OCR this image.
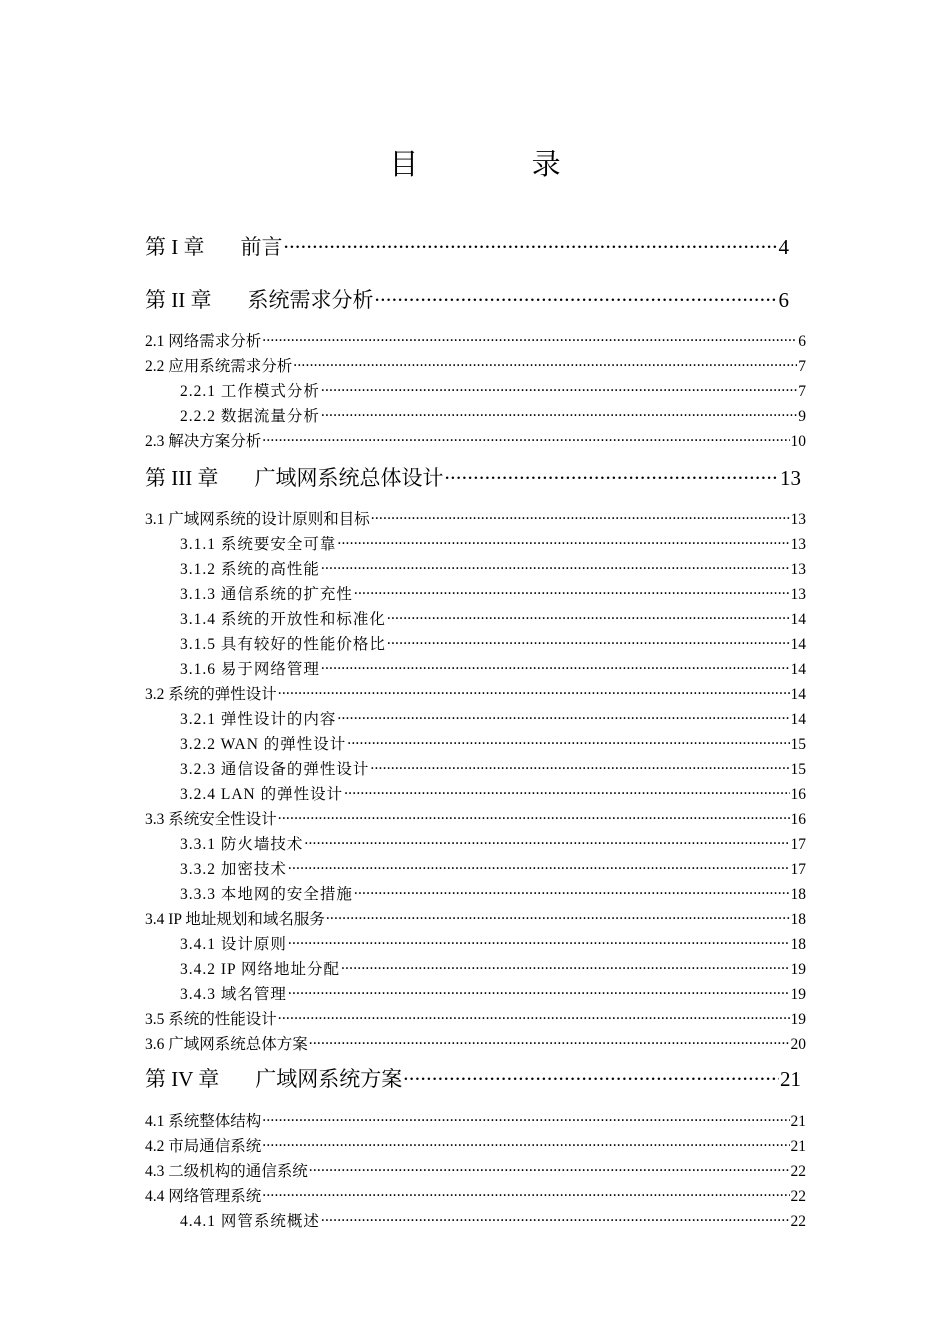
目 录
第 I 章 前言 .....	4
第 II 章 系统需求分析 .....	6
2.1 网络需求分析 .....	6
2.2 应用系统需求分析 .....	7
2.2.1 工作模式分析 .....	7
2.2.2 数据流量分析 .....	9
2.3 解决方案分析 .....	10
第 III 章 广域网系统总体设计 .....	13
3.1 广域网系统的设计原则和目标 .....	13
3.1.1 系统要安全可靠 .....	13
3.1.2 系统的高性能 .....	13
3.1.3 通信系统的扩充性 .....	13
3.1.4 系统的开放性和标准化 .....	14
3.1.5 具有较好的性能价格比 .....	14
3.1.6 易于网络管理 .....	14
3.2 系统的弹性设计 .....	14
3.2.1 弹性设计的内容 .....	14
3.2.2 WAN 的弹性设计 .....	15
3.2.3 通信设备的弹性设计 .....	15
3.2.4 LAN 的弹性设计 .....	16
3.3 系统安全性设计 .....	16
3.3.1 防火墙技术 .....	17
3.3.2 加密技术 .....	17
3.3.3 本地网的安全措施 .....	18
3.4 IP 地址规划和域名服务 .....	18
3.4.1 设计原则 .....	18
3.4.2 IP 网络地址分配 .....	19
3.4.3 域名管理 .....	19
3.5 系统的性能设计 .....	19
3.6 广域网系统总体方案 .....	20
第 IV 章 广域网系统方案 .....	21
4.1 系统整体结构 .....	21
4.2 市局通信系统 .....	21
4.3 二级机构的通信系统 .....	22
4.4 网络管理系统 .....	22
4.4.1 网管系统概述 .....	22
